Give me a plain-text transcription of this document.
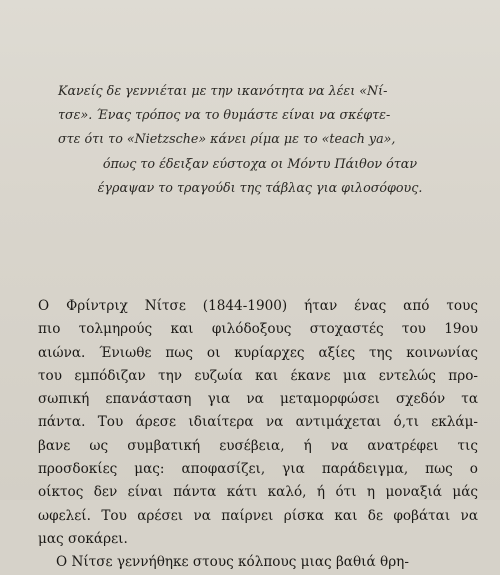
Κανείς δε γεννιέται με την ικανότητα να λέει «Νί-
τσε». Ένας τρόπος να το θυμάστε είναι να σκέφτε-
στε ότι το «Nietzsche» κάνει ρίμα με το «teach ya»,
όπως το έδειξαν εύστοχα οι Μόντυ Πάιθον όταν
έγραψαν το τραγούδι της τάβλας για φιλοσόφους.
Ο Φρίντριχ Νίτσε (1844-1900) ήταν ένας από τους
πιο τολμηρούς και φιλόδοξους στοχαστές του 19ου
αιώνα. Ένιωθε πως οι κυρίαρχες αξίες της κοινωνίας
του εμπόδιζαν την ευζωία και έκανε μια εντελώς προ-
σωπική επανάσταση για να μεταμορφώσει σχεδόν τα
πάντα. Του άρεσε ιδιαίτερα να αντιμάχεται ό,τι εκλάμ-
βανε ως συμβατική ευσέβεια, ή να ανατρέφει τις
προσδοκίες μας: αποφασίζει, για παράδειγμα, πως ο
οίκτος δεν είναι πάντα κάτι καλό, ή ότι η μοναξιά μάς
ωφελεί. Του αρέσει να παίρνει ρίσκα και δε φοβάται να
μας σοκάρει.
Ο Νίτσε γεννήθηκε στους κόλπους μιας βαθιά θρη-
